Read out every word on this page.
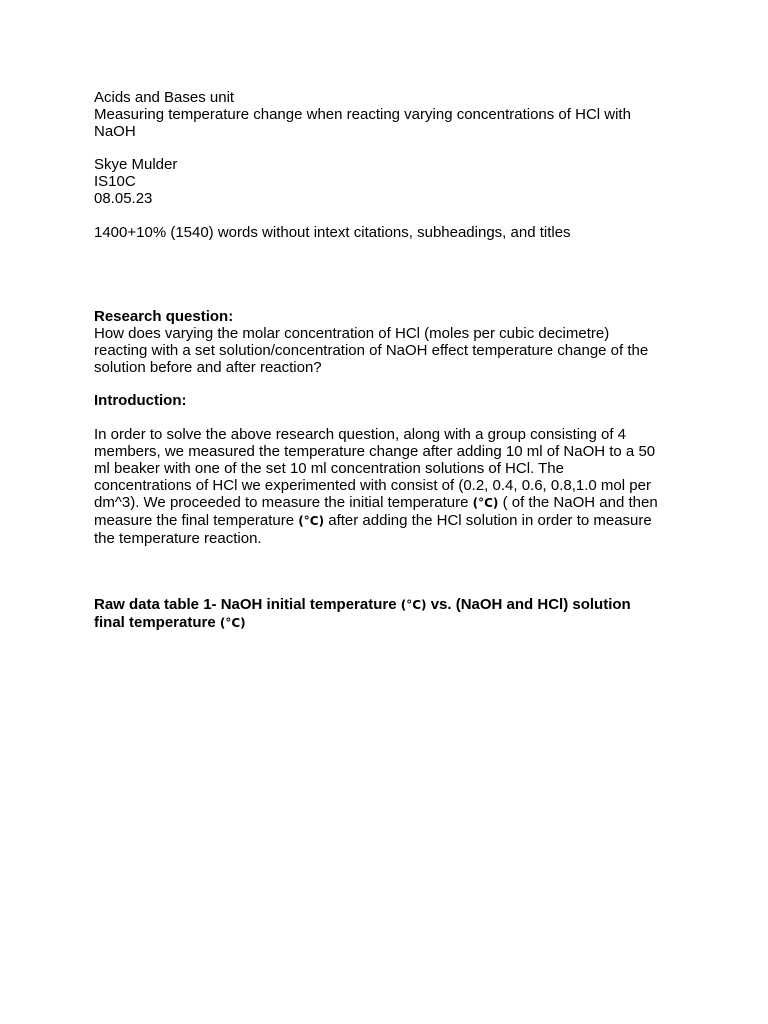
Acids and Bases unit
Measuring temperature change when reacting varying concentrations of HCl with
NaOH
Skye Mulder
IS10C
08.05.23
1400+10% (1540) words without intext citations, subheadings, and titles
Research question:
How does varying the molar concentration of HCl (moles per cubic decimetre)
reacting with a set solution/concentration of NaOH effect temperature change of the
solution before and after reaction?
Introduction:
In order to solve the above research question, along with a group consisting of 4
members, we measured the temperature change after adding 10 ml of NaOH to a 50
ml beaker with one of the set 10 ml concentration solutions of HCl. The
concentrations of HCl we experimented with consist of (0.2, 0.4, 0.6, 0.8,1.0 mol per
dm^3). We proceeded to measure the initial temperature (°C) ( of the NaOH and then
measure the final temperature (°C) after adding the HCl solution in order to measure
the temperature reaction.
Raw data table 1- NaOH initial temperature (°C) vs. (NaOH and HCl) solution
final temperature (°C)
